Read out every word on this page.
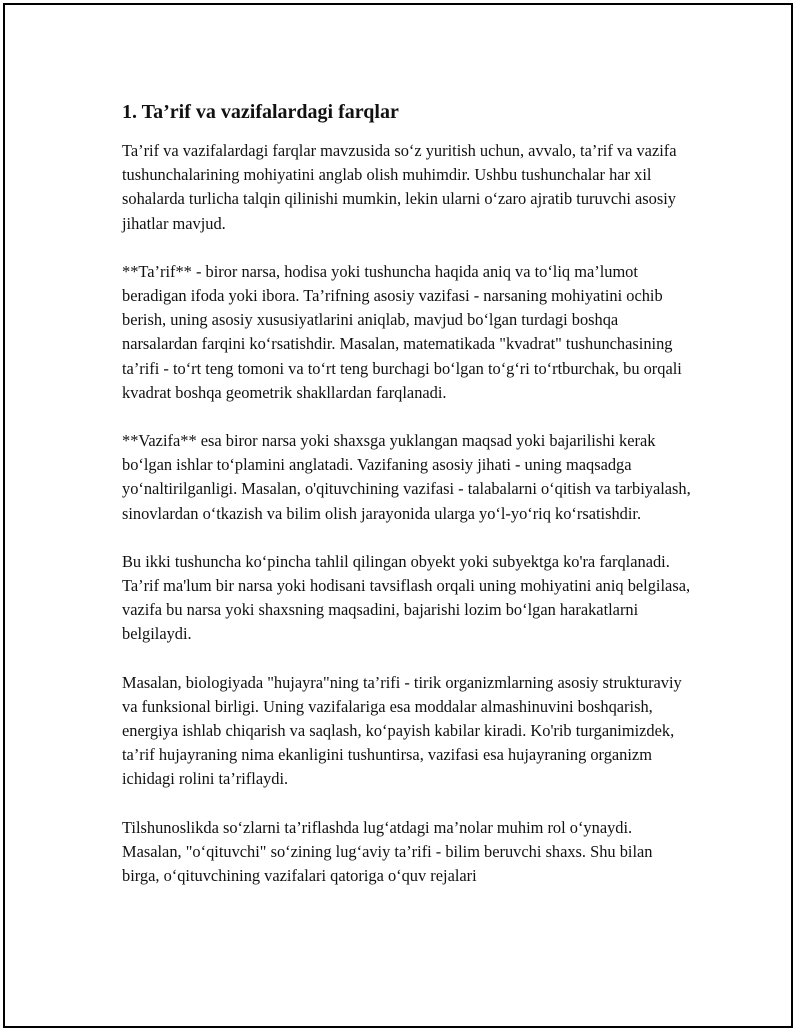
1. Ta’rif va vazifalardagi farqlar

Ta’rif va vazifalardagi farqlar mavzusida so‘z yuritish uchun, avvalo, ta’rif va vazifa tushunchalarining mohiyatini anglab olish muhimdir. Ushbu tushunchalar har xil sohalarda turlicha talqin qilinishi mumkin, lekin ularni o‘zaro ajratib turuvchi asosiy jihatlar mavjud.

**Ta’rif** - biror narsa, hodisa yoki tushuncha haqida aniq va to‘liq ma’lumot beradigan ifoda yoki ibora. Ta’rifning asosiy vazifasi - narsaning mohiyatini ochib berish, uning asosiy xususiyatlarini aniqlab, mavjud bo‘lgan turdagi boshqa narsalardan farqini ko‘rsatishdir. Masalan, matematikada "kvadrat" tushunchasining ta’rifi - to‘rt teng tomoni va to‘rt teng burchagi bo‘lgan to‘g‘ri to‘rtburchak, bu orqali kvadrat boshqa geometrik shakllardan farqlanadi.

**Vazifa** esa biror narsa yoki shaxsga yuklangan maqsad yoki bajarilishi kerak bo‘lgan ishlar to‘plamini anglatadi. Vazifaning asosiy jihati - uning maqsadga yo‘naltirilganligi. Masalan, o'qituvchining vazifasi - talabalarni o‘qitish va tarbiyalash, sinovlardan o‘tkazish va bilim olish jarayonida ularga yo‘l-yo‘riq ko‘rsatishdir.

Bu ikki tushuncha ko‘pincha tahlil qilingan obyekt yoki subyektga ko'ra farqlanadi. Ta’rif ma'lum bir narsa yoki hodisani tavsiflash orqali uning mohiyatini aniq belgilasa, vazifa bu narsa yoki shaxsning maqsadini, bajarishi lozim bo‘lgan harakatlarni belgilaydi.

Masalan, biologiyada "hujayra"ning ta’rifi - tirik organizmlarning asosiy strukturaviy va funksional birligi. Uning vazifalariga esa moddalar almashinuvini boshqarish, energiya ishlab chiqarish va saqlash, ko‘payish kabilar kiradi. Ko'rib turganimizdek, ta’rif hujayraning nima ekanligini tushuntirsa, vazifasi esa hujayraning organizm ichidagi rolini ta’riflaydi.

Tilshunoslikda so‘zlarni ta’riflashda lug‘atdagi ma’nolar muhim rol o‘ynaydi. Masalan, "o‘qituvchi" so‘zining lug‘aviy ta’rifi - bilim beruvchi shaxs. Shu bilan birga, o‘qituvchining vazifalari qatoriga o‘quv rejalari
